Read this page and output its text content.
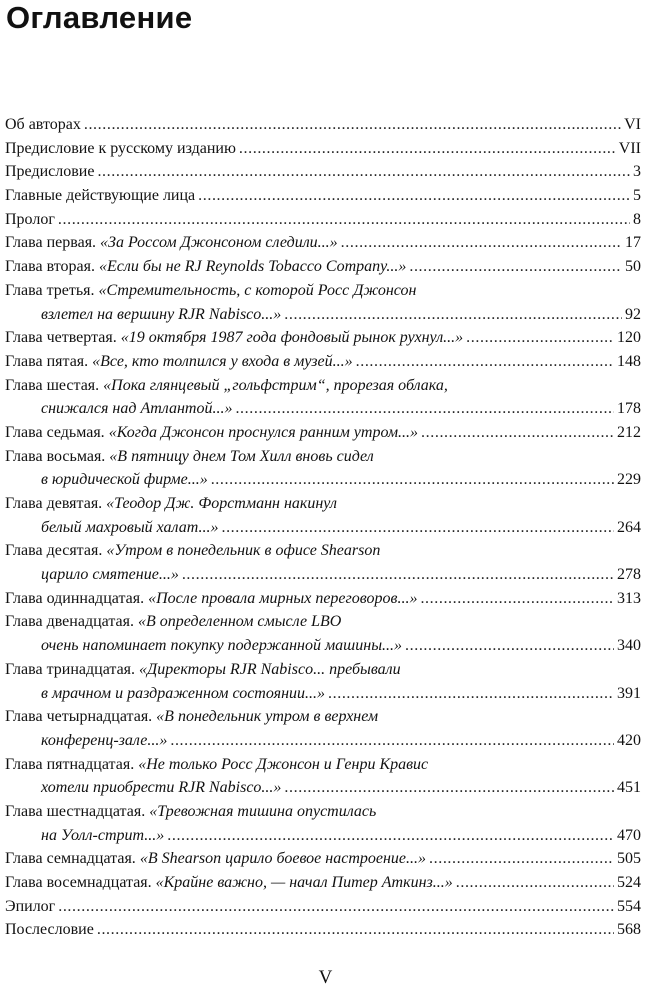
Оглавление
Об авторах .....	VI
Предисловие к русскому изданию .....	VII
Предисловие .....	3
Главные действующие лица .....	5
Пролог .....	8
Глава первая. «За Россом Джонсоном следили...» .....	17
Глава вторая. «Если бы не RJ Reynolds Tobacco Company...» .....	50
Глава третья. «Стремительность, с которой Росс Джонсон
взлетел на вершину RJR Nabisco...» .....	92
Глава четвертая. «19 октября 1987 года фондовый рынок рухнул...» .....	120
Глава пятая. «Все, кто толпился у входа в музей...» .....	148
Глава шестая. «Пока глянцевый „гольфстрим“, прорезая облака,
снижался над Атлантой...» .....	178
Глава седьмая. «Когда Джонсон проснулся ранним утром...» .....	212
Глава восьмая. «В пятницу днем Том Хилл вновь сидел
в юридической фирме...» .....	229
Глава девятая. «Теодор Дж. Форстманн накинул
белый махровый халат...» .....	264
Глава десятая. «Утром в понедельник в офисе Shearson
царило смятение...» .....	278
Глава одиннадцатая. «После провала мирных переговоров...» .....	313
Глава двенадцатая. «В определенном смысле LBO
очень напоминает покупку подержанной машины...» .....	340
Глава тринадцатая. «Директоры RJR Nabisco... пребывали
в мрачном и раздраженном состоянии...» .....	391
Глава четырнадцатая. «В понедельник утром в верхнем
конференц-зале...» .....	420
Глава пятнадцатая. «Не только Росс Джонсон и Генри Кравис
хотели приобрести RJR Nabisco...» .....	451
Глава шестнадцатая. «Тревожная тишина опустилась
на Уолл-стрит...» .....	470
Глава семнадцатая. «В Shearson царило боевое настроение...» .....	505
Глава восемнадцатая. «Крайне важно, — начал Питер Аткинз...» .....	524
Эпилог .....	554
Послесловие .....	568
V
